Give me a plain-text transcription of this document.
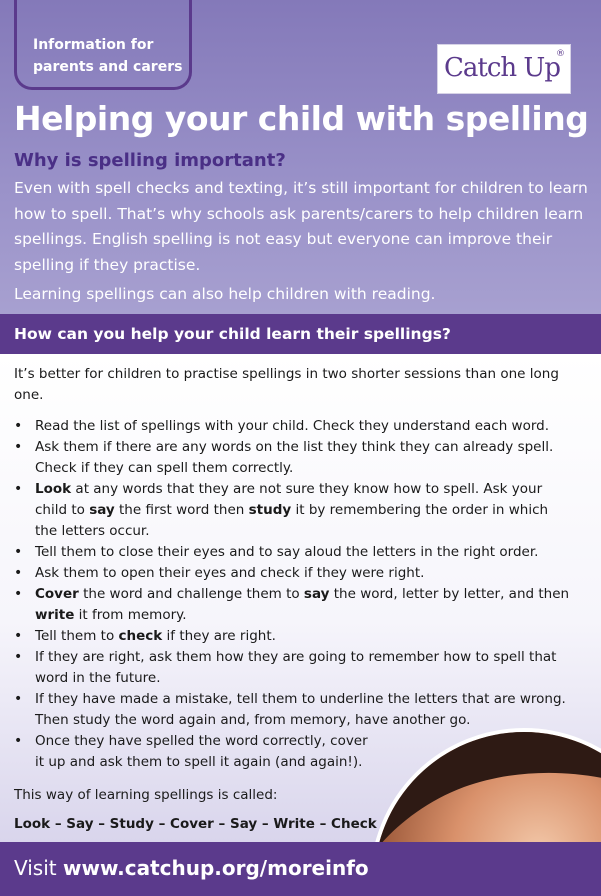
Information for
parents and carers	Catch Up
®
Helping your child with spelling
Why is spelling important?

Even with spell checks and texting, it’s still important for children to learn how to spell. That’s why schools ask parents/carers to help children learn spellings. English spelling is not easy but everyone can improve their spelling if they practise.

Learning spellings can also help children with reading.

How can you help your child learn their spellings?

It’s better for children to practise spellings in two shorter sessions than one long one.

• Read the list of spellings with your child. Check they understand each word.
• Ask them if there are any words on the list they think they can already spell. Check if they can spell them correctly.
• Look at any words that they are not sure they know how to spell. Ask your child to say the first word then study it by remembering the order in which the letters occur.
• Tell them to close their eyes and to say aloud the letters in the right order.
• Ask them to open their eyes and check if they were right.
• Cover the word and challenge them to say the word, letter by letter, and then write it from memory.
• Tell them to check if they are right.
• If they are right, ask them how they are going to remember how to spell that word in the future.
• If they have made a mistake, tell them to underline the letters that are wrong. Then study the word again and, from memory, have another go.
• Once they have spelled the word correctly, cover
it up and ask them to spell it again (and again!).

This way of learning spellings is called:

Look – Say – Study – Cover – Say – Write – Check

Visit www.catchup.org/moreinfo
